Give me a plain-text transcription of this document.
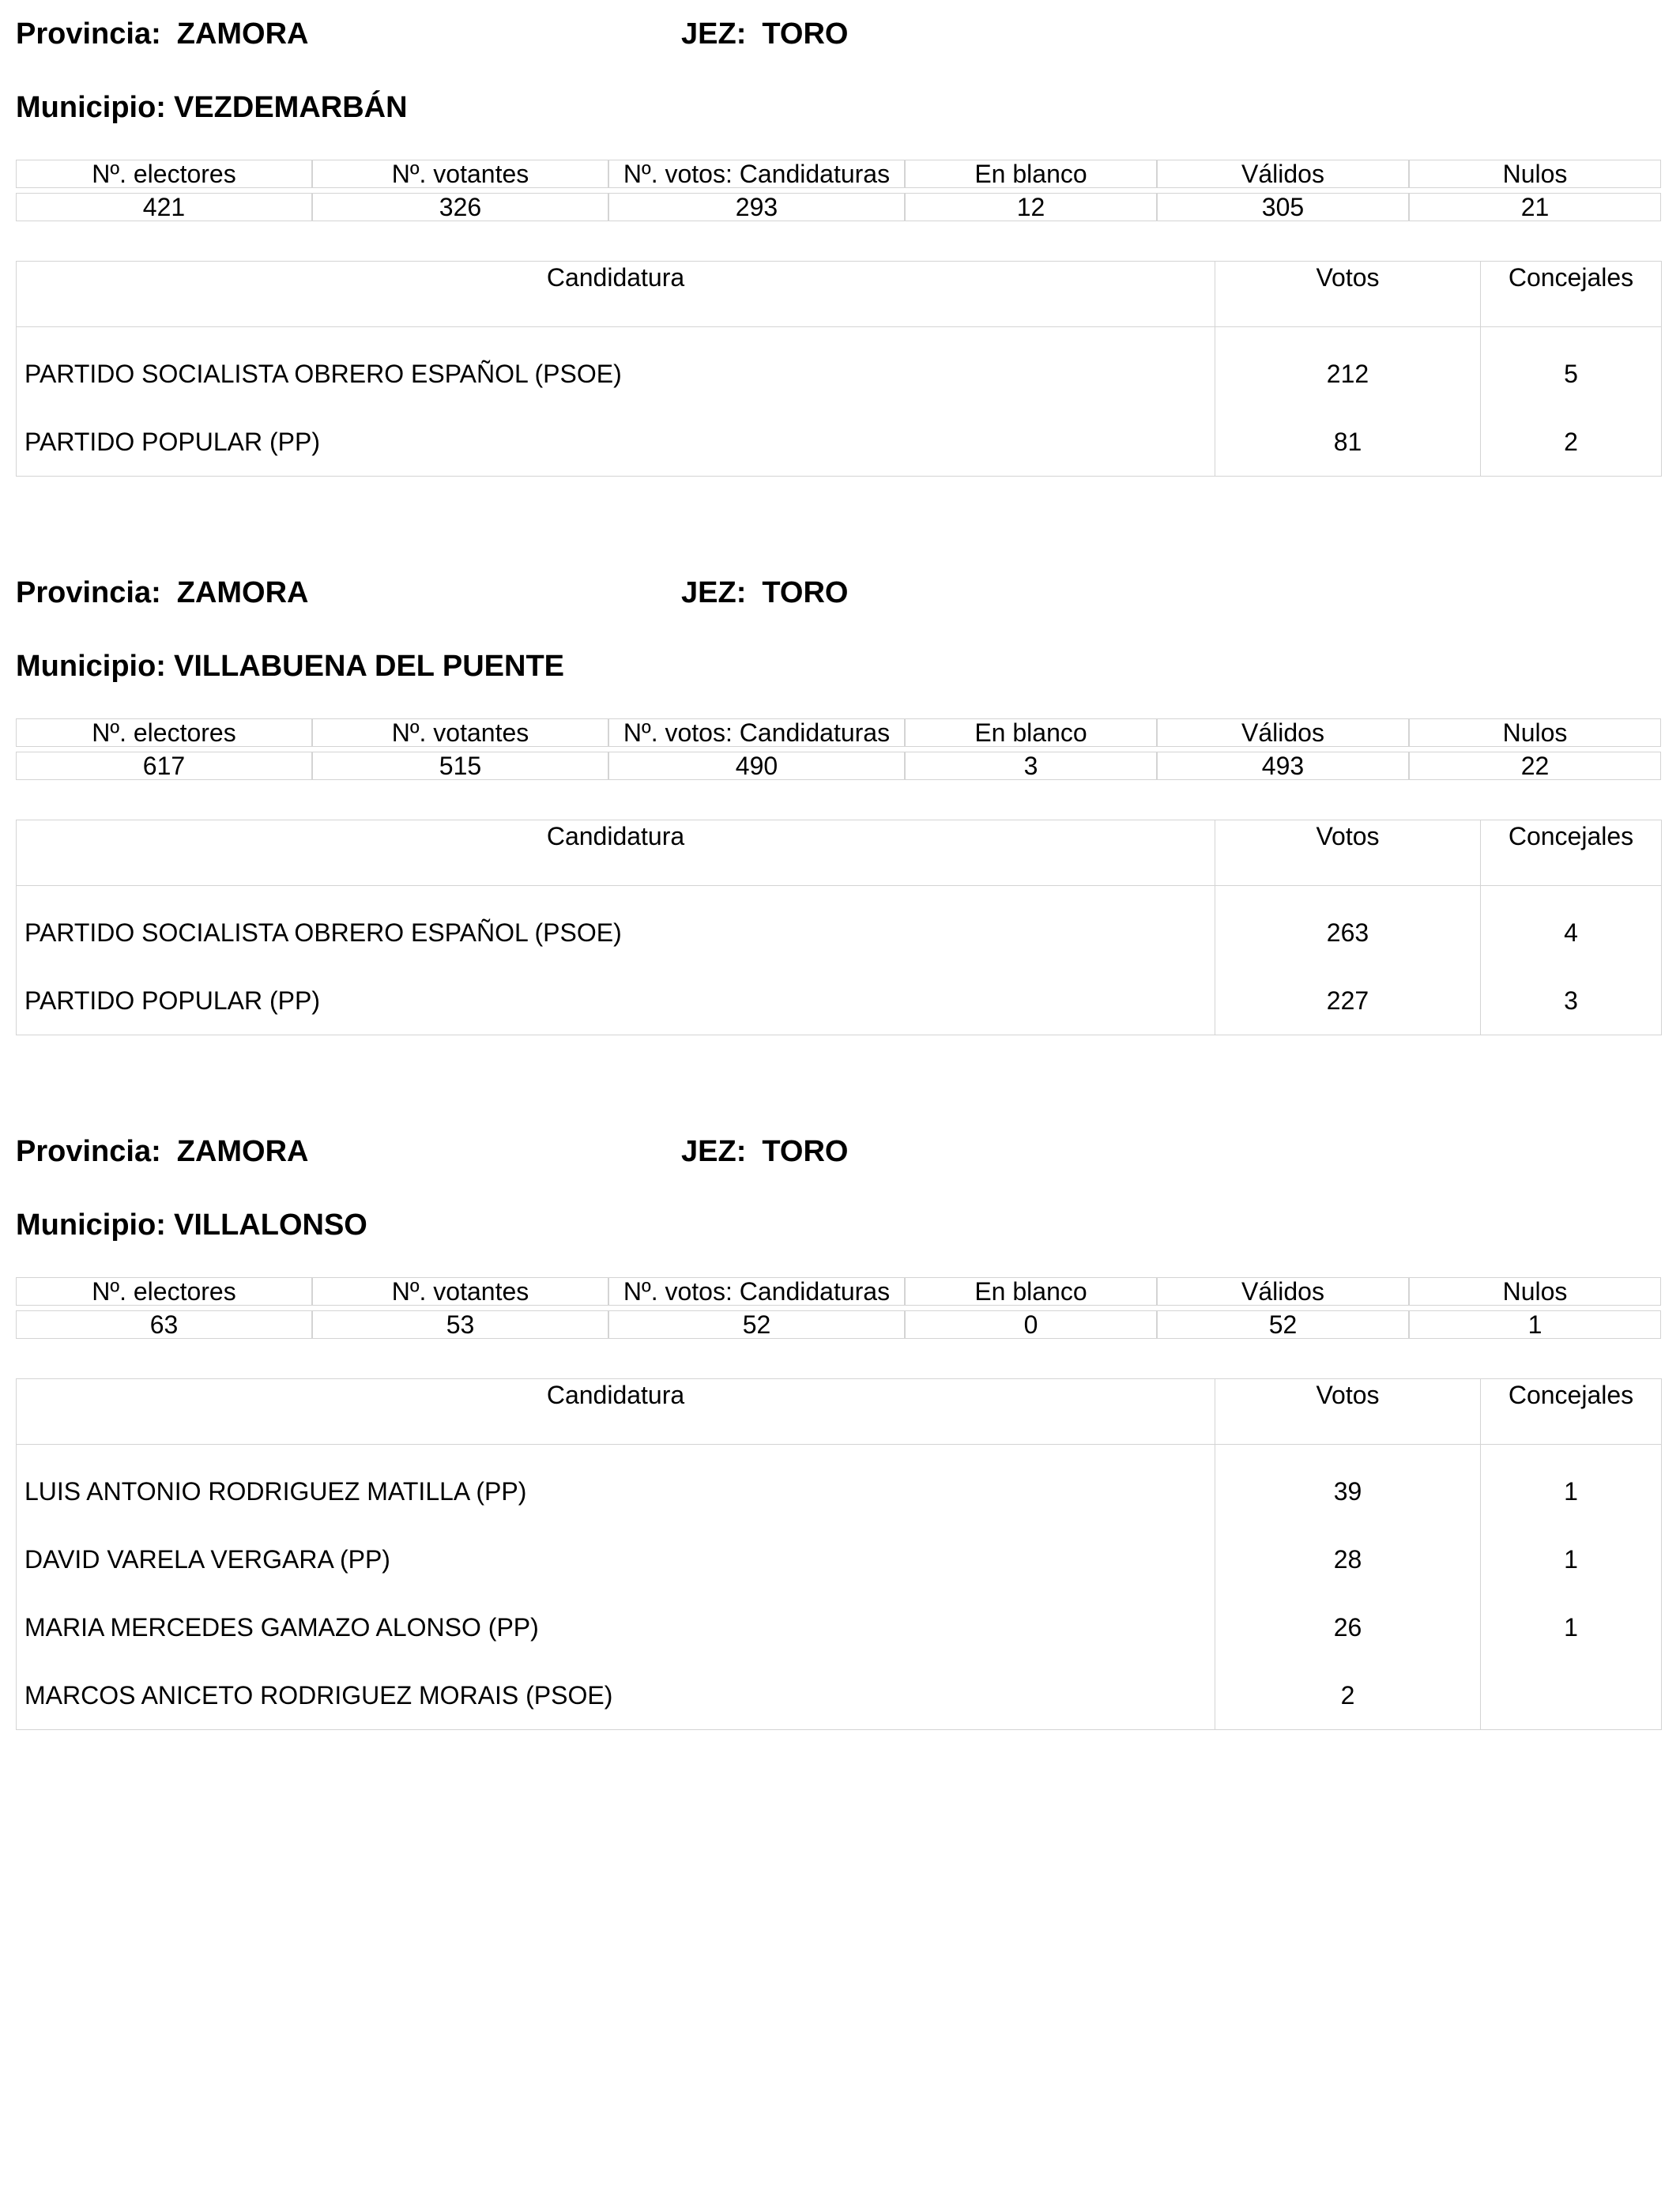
Provincia: ZAMORA	JEZ: TORO
Municipio: VEZDEMARBÁN
Nº. electores	Nº. votantes	Nº. votos: Candidaturas	En blanco	Válidos	Nulos

421	326	293	12	305	21
Candidatura	Votos	Concejales
PARTIDO SOCIALISTA OBRERO ESPAÑOL (PSOE)	212	5
PARTIDO POPULAR (PP)	81	2
Provincia: ZAMORA	JEZ: TORO
Municipio: VILLABUENA DEL PUENTE
Nº. electores	Nº. votantes	Nº. votos: Candidaturas	En blanco	Válidos	Nulos

617	515	490	3	493	22
Candidatura	Votos	Concejales
PARTIDO SOCIALISTA OBRERO ESPAÑOL (PSOE)	263	4
PARTIDO POPULAR (PP)	227	3
Provincia: ZAMORA	JEZ: TORO
Municipio: VILLALONSO
Nº. electores	Nº. votantes	Nº. votos: Candidaturas	En blanco	Válidos	Nulos

63	53	52	0	52	1
Candidatura	Votos	Concejales
LUIS ANTONIO RODRIGUEZ MATILLA (PP)	39	1
DAVID VARELA VERGARA (PP)	28	1
MARIA MERCEDES GAMAZO ALONSO (PP)	26	1
MARCOS ANICETO RODRIGUEZ MORAIS (PSOE)	2	
